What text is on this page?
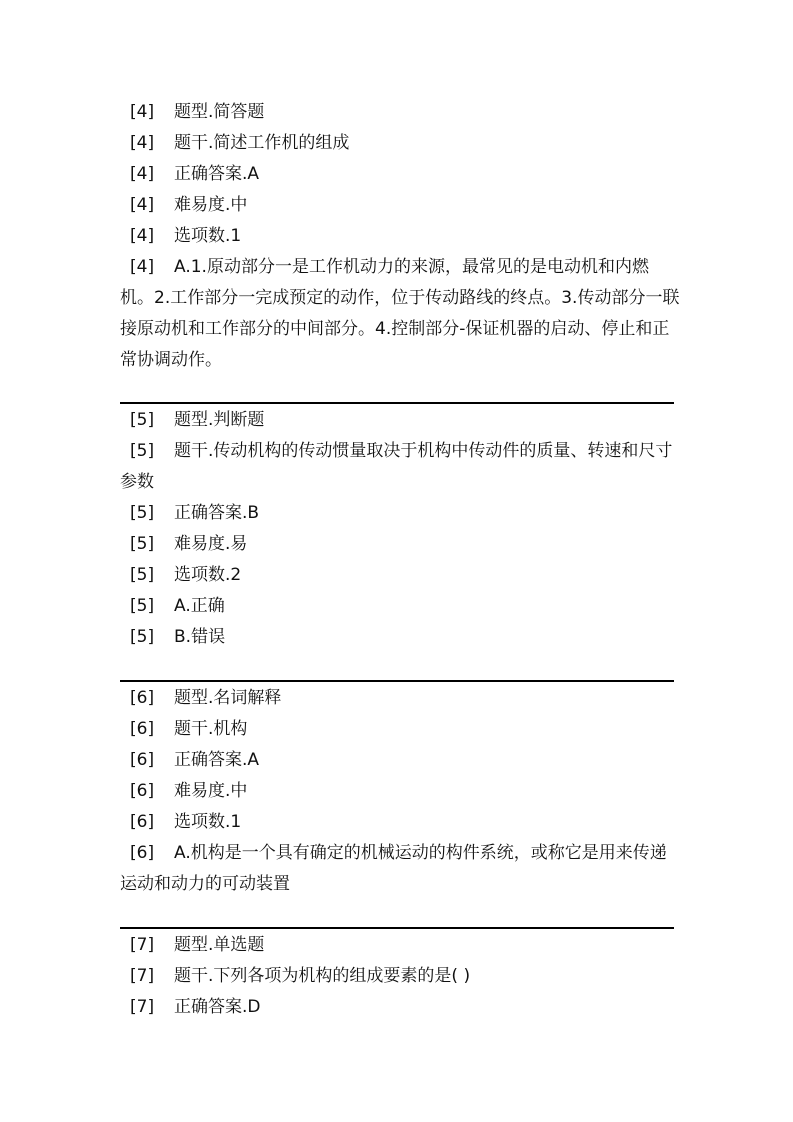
[4] 题型.简答题
[4] 题干.简述工作机的组成
[4] 正确答案.A
[4] 难易度.中
[4] 选项数.1
[4] A.1.原动部分一是工作机动力的来源，最常见的是电动机和内燃机。2.工作部分一完成预定的动作，位于传动路线的终点。3.传动部分一联接原动机和工作部分的中间部分。4.控制部分-保证机器的启动、停止和正常协调动作。
[5] 题型.判断题
[5] 题干.传动机构的传动惯量取决于机构中传动件的质量、转速和尺寸参数
[5] 正确答案.B
[5] 难易度.易
[5] 选项数.2
[5] A.正确
[5] B.错误
[6] 题型.名词解释
[6] 题干.机构
[6] 正确答案.A
[6] 难易度.中
[6] 选项数.1
[6] A.机构是一个具有确定的机械运动的构件系统，或称它是用来传递运动和动力的可动装置
[7] 题型.单选题
[7] 题干.下列各项为机构的组成要素的是( )
[7] 正确答案.D
